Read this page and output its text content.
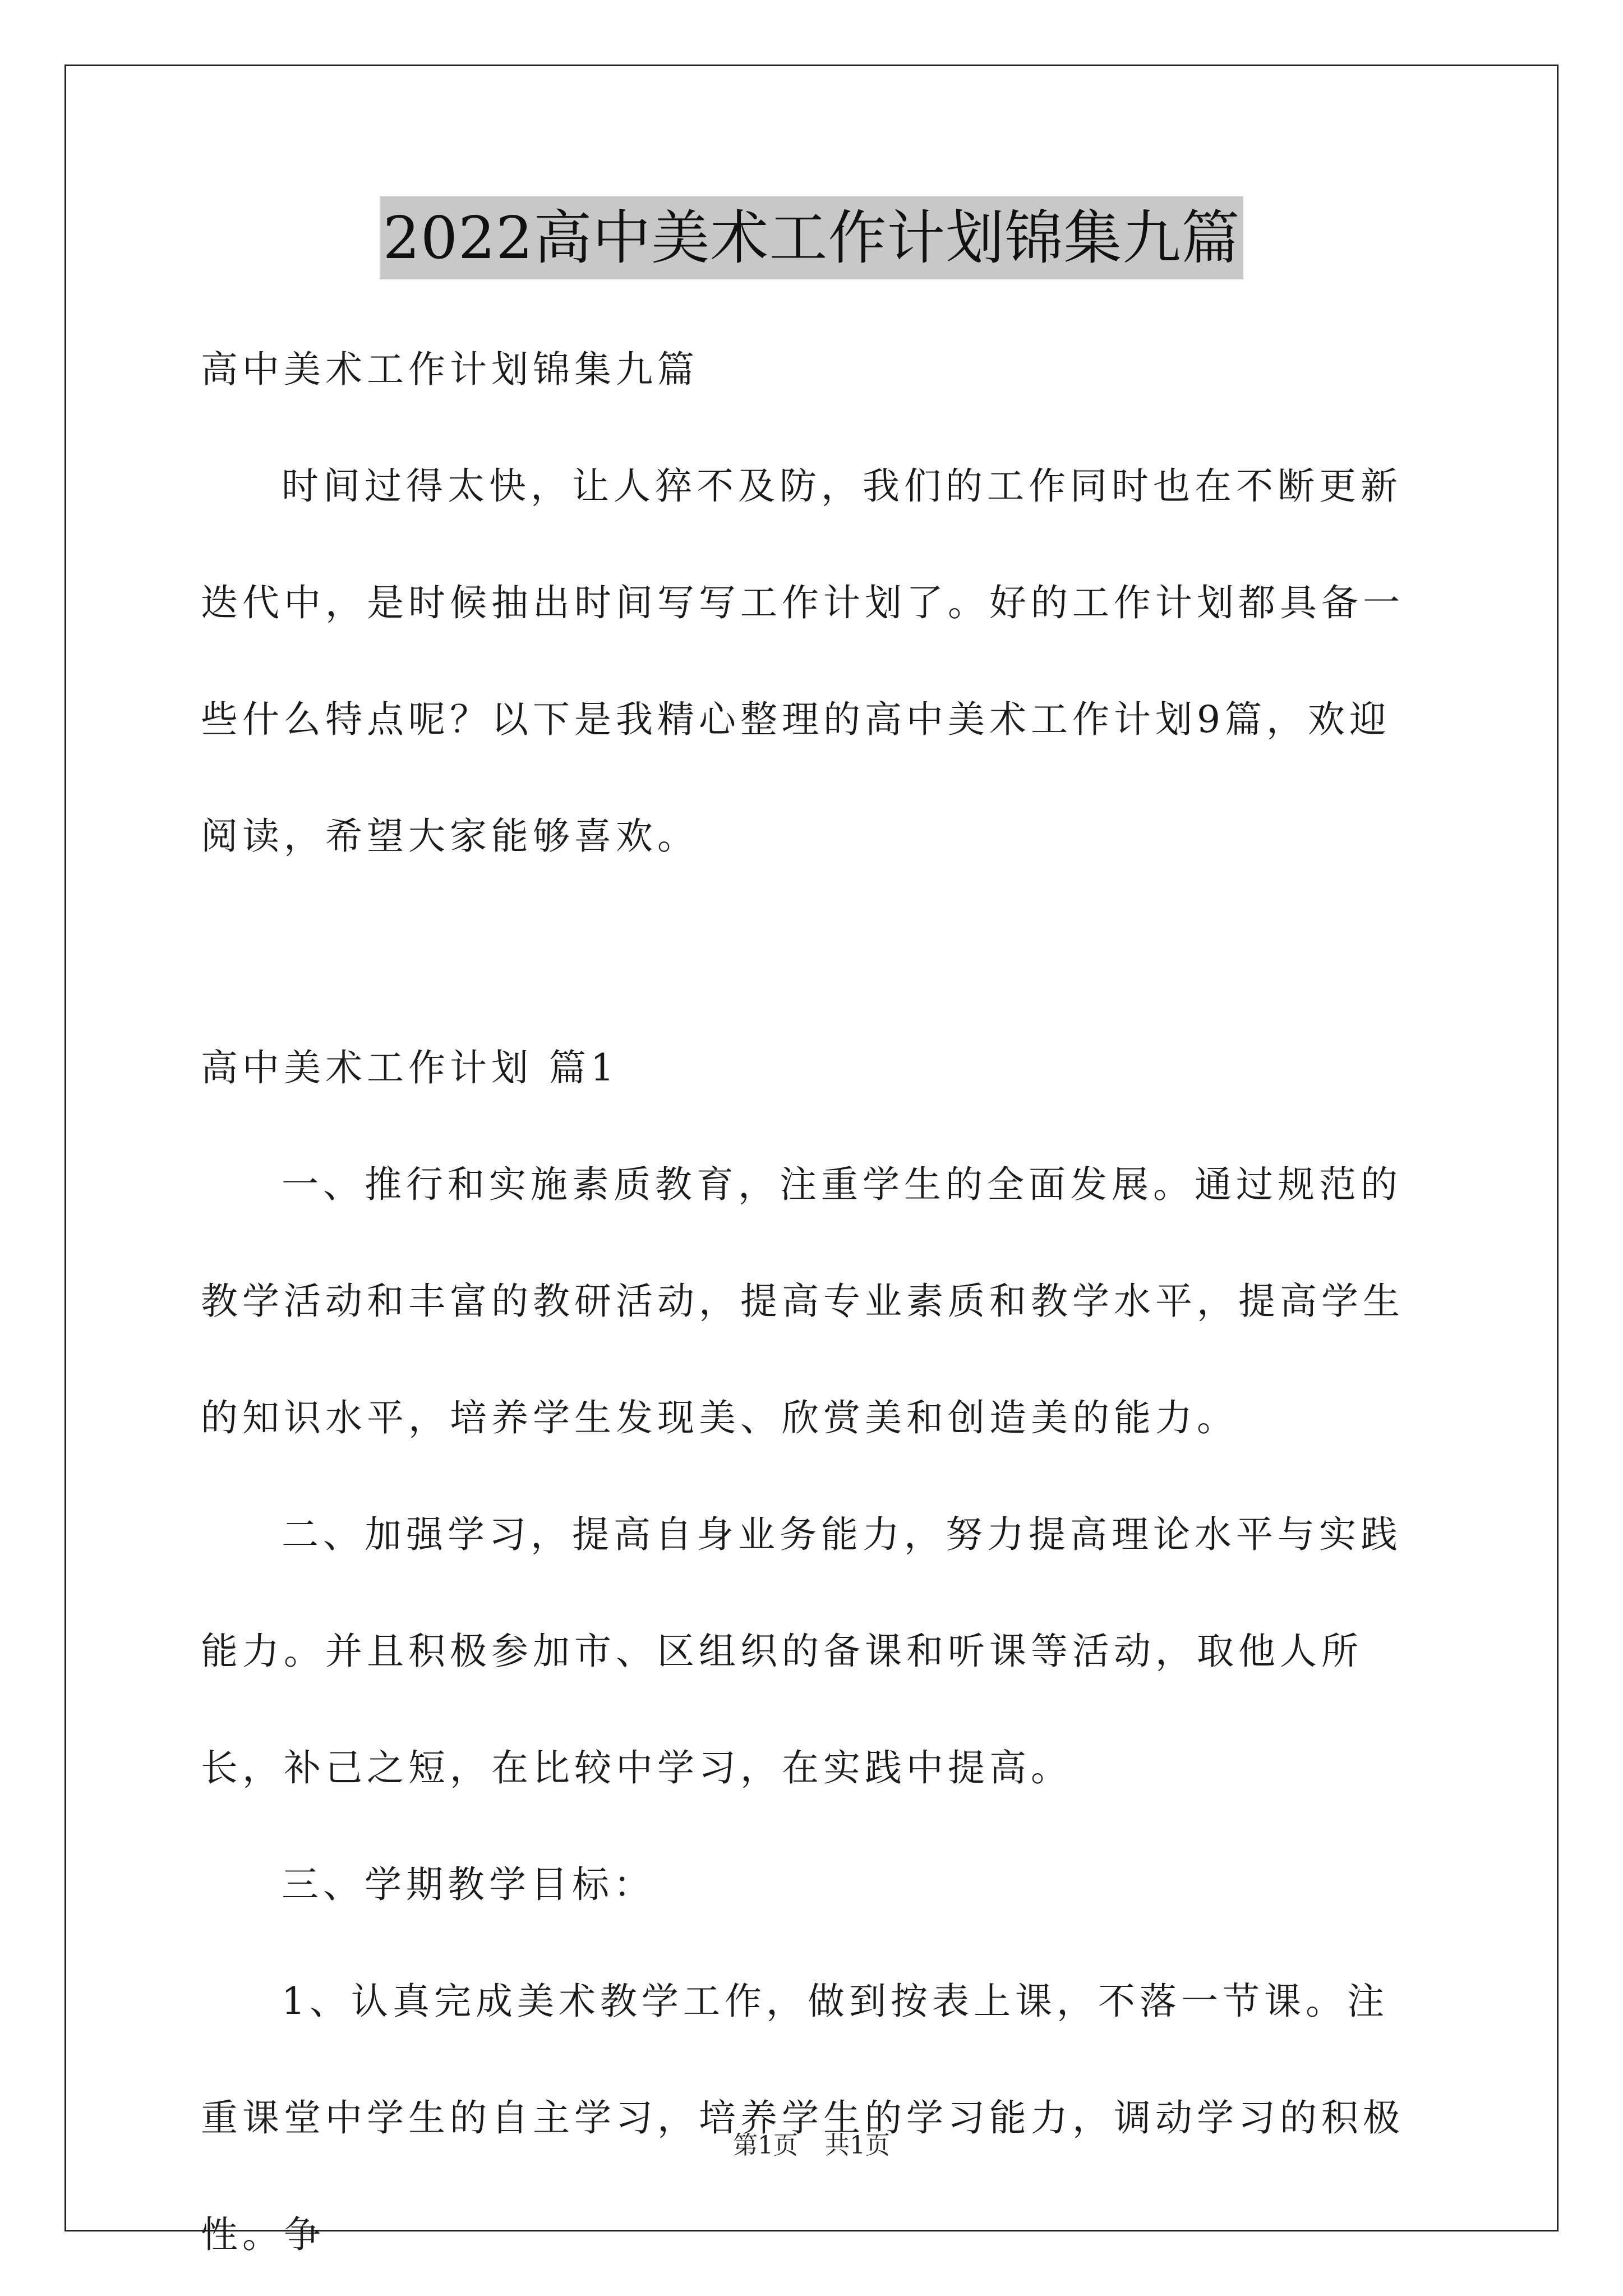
2022高中美术工作计划锦集九篇

高中美术工作计划锦集九篇

时间过得太快，让人猝不及防，我们的工作同时也在不断更新迭代中，是时候抽出时间写写工作计划了。好的工作计划都具备一些什么特点呢？以下是我精心整理的高中美术工作计划9篇，欢迎阅读，希望大家能够喜欢。

高中美术工作计划 篇1

一、推行和实施素质教育，注重学生的全面发展。通过规范的教学活动和丰富的教研活动，提高专业素质和教学水平，提高学生的知识水平，培养学生发现美、欣赏美和创造美的能力。

二、加强学习，提高自身业务能力，努力提高理论水平与实践能力。并且积极参加市、区组织的备课和听课等活动，取他人所长，补己之短，在比较中学习，在实践中提高。

三、学期教学目标：

1、认真完成美术教学工作，做到按表上课，不落一节课。注重课堂中学生的自主学习，培养学生的学习能力，调动学习的积极性。争

第1页 共1页
